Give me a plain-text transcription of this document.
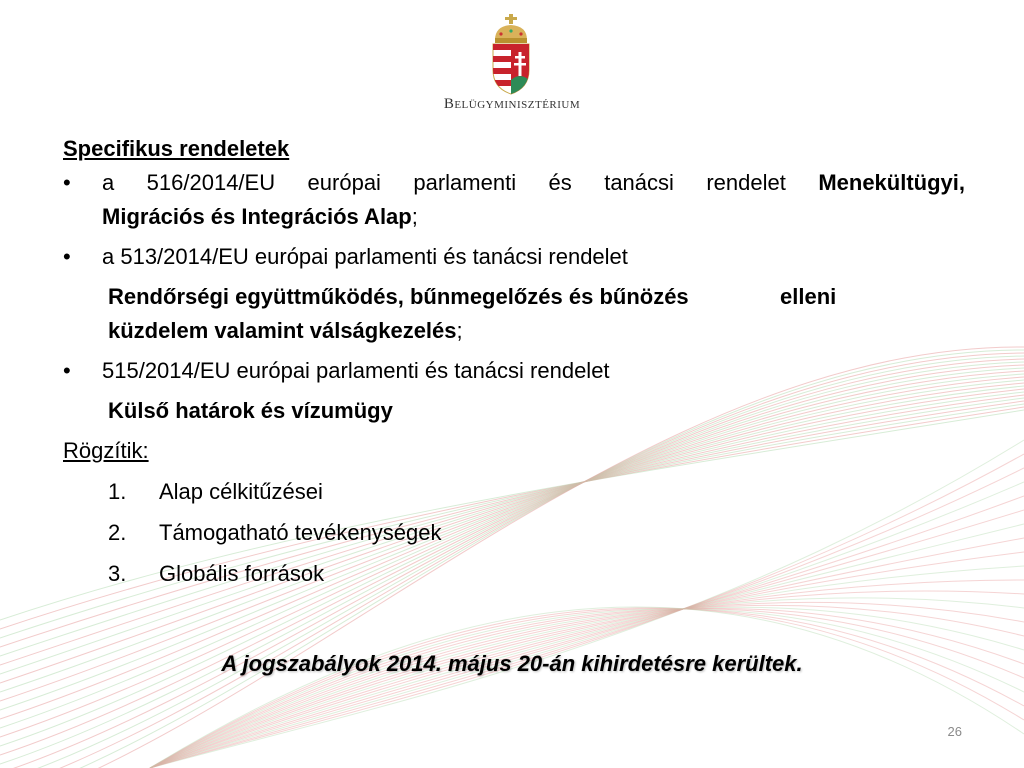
Belügyminisztérium
Specifikus rendeletek
• a 516/2014/EU európai parlamenti és tanácsi rendelet Menekültügyi,
Migrációs és Integrációs Alap;
• a 513/2014/EU európai parlamenti és tanácsi rendelet
Rendőrségi együttműködés, bűnmegelőzés és bűnözés	elleni
küzdelem valamint válságkezelés;
• 515/2014/EU európai parlamenti és tanácsi rendelet
Külső határok és vízumügy
Rögzítik:
1. Alap célkitűzései
2. Támogatható tevékenységek
3. Globális források
A jogszabályok 2014. május 20-án kihirdetésre kerültek.
26
